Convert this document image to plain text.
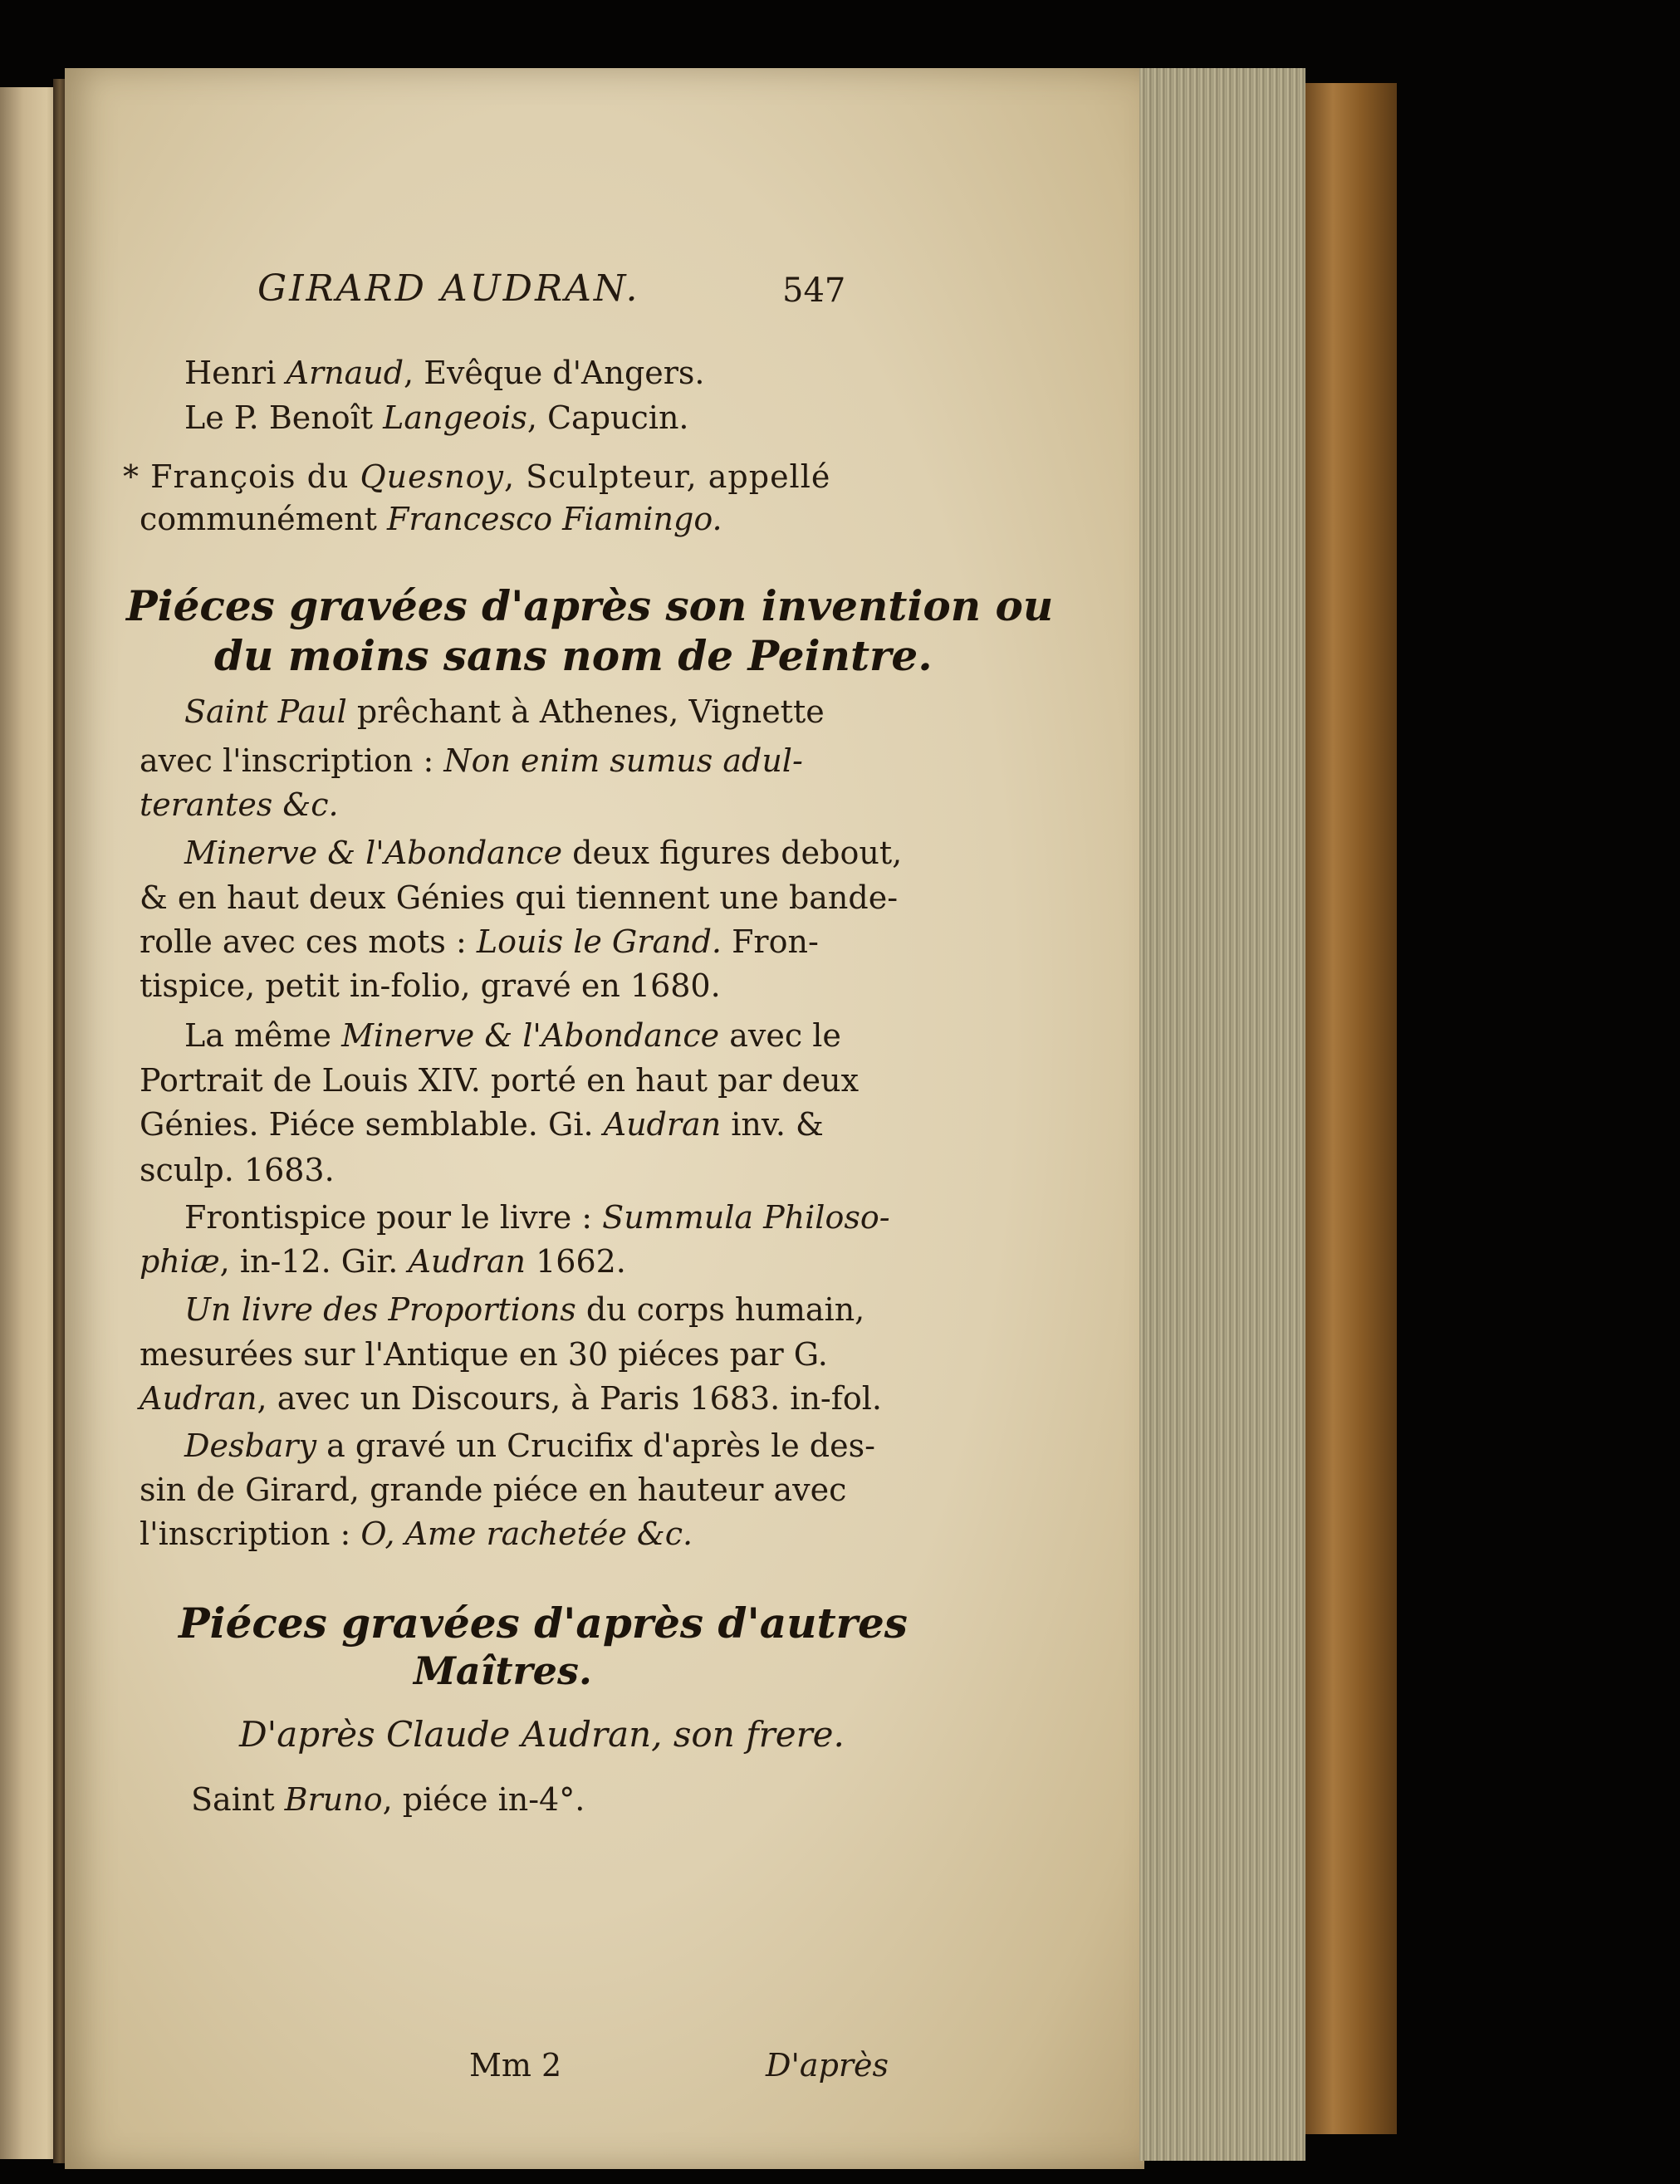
GIRARD AUDRAN.	547
Henri Arnaud, Evêque d'Angers.
Le P. Benoît Langeois, Capucin.
* François du Quesnoy, Sculpteur, appellé
communément Francesco Fiamingo.
Piéces gravées d'après son invention ou
du moins sans nom de Peintre.
Saint Paul prêchant à Athenes, Vignette
avec l'inscription : Non enim sumus adul-
terantes &c.
Minerve & l'Abondance deux figures debout,
& en haut deux Génies qui tiennent une bande-
rolle avec ces mots : Louis le Grand. Fron-
tispice, petit in-folio, gravé en 1680.
La même Minerve & l'Abondance avec le
Portrait de Louis XIV. porté en haut par deux
Génies. Piéce semblable. Gi. Audran inv. &
sculp. 1683.
Frontispice pour le livre : Summula Philoso-
phiæ, in-12. Gir. Audran 1662.
Un livre des Proportions du corps humain,
mesurées sur l'Antique en 30 piéces par G.
Audran, avec un Discours, à Paris 1683. in-fol.
Desbary a gravé un Crucifix d'après le des-
sin de Girard, grande piéce en hauteur avec
l'inscription : O, Ame rachetée &c.
Piéces gravées d'après d'autres
Maîtres.
D'après Claude Audran, son frere.
Saint Bruno, piéce in-4°.
Mm 2	D'après
